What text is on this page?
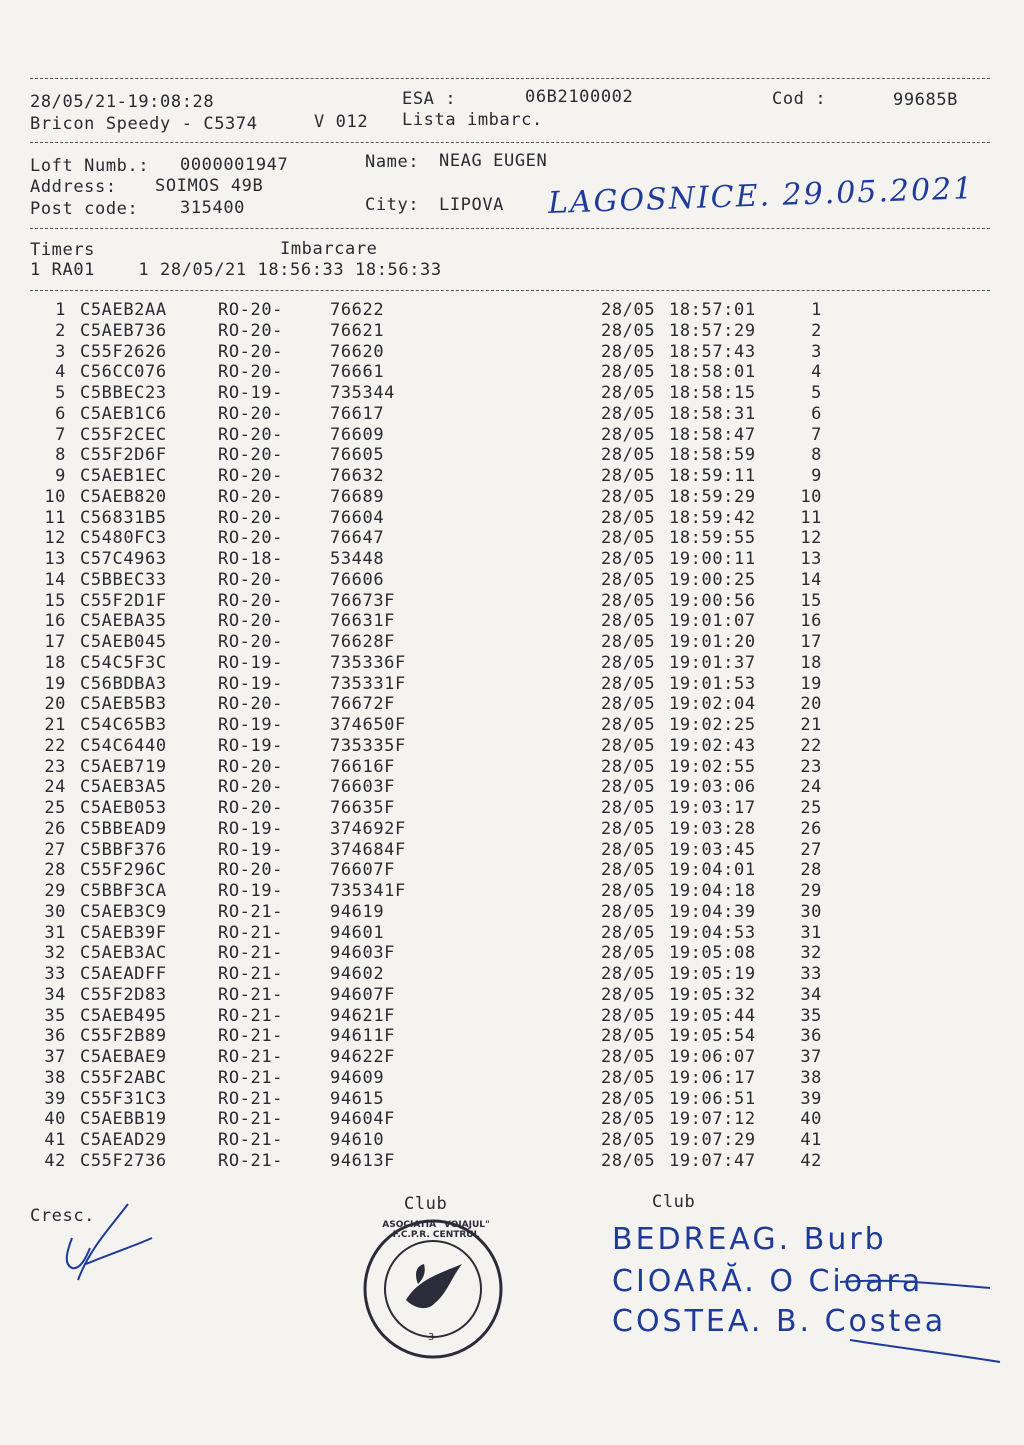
28/05/21-19:08:28	ESA :	06B2100002	Cod :	99685B
Bricon Speedy - C5374	V 012 Lista imbarc.
Loft Numb.: 0000001947	Name: NEAG EUGEN
Address: SOIMOS 49B
Post code: 315400	City: LIPOVA LAGOSNICE. 29.05.2021
Timers	Imbarcare
1 RA01    1 28/05/21 18:56:33 18:56:33
1 C5AEB2AA	RO-20-	76622	28/05 18:57:01	1
2 C5AEB736	RO-20-	76621	28/05 18:57:29	2
3 C55F2626	RO-20-	76620	28/05 18:57:43	3
4 C56CC076	RO-20-	76661	28/05 18:58:01	4
5 C5BBEC23	RO-19-	735344	28/05 18:58:15	5
6 C5AEB1C6	RO-20-	76617	28/05 18:58:31	6
7 C55F2CEC	RO-20-	76609	28/05 18:58:47	7
8 C55F2D6F	RO-20-	76605	28/05 18:58:59	8
9 C5AEB1EC	RO-20-	76632	28/05 18:59:11	9
10 C5AEB820	RO-20-	76689	28/05 18:59:29	10
11 C56831B5	RO-20-	76604	28/05 18:59:42	11
12 C5480FC3	RO-20-	76647	28/05 18:59:55	12
13 C57C4963	RO-18-	53448	28/05 19:00:11	13
14 C5BBEC33	RO-20-	76606	28/05 19:00:25	14
15 C55F2D1F	RO-20-	76673F	28/05 19:00:56	15
16 C5AEBA35	RO-20-	76631F	28/05 19:01:07	16
17 C5AEB045	RO-20-	76628F	28/05 19:01:20	17
18 C54C5F3C	RO-19-	735336F	28/05 19:01:37	18
19 C56BDBA3	RO-19-	735331F	28/05 19:01:53	19
20 C5AEB5B3	RO-20-	76672F	28/05 19:02:04	20
21 C54C65B3	RO-19-	374650F	28/05 19:02:25	21
22 C54C6440	RO-19-	735335F	28/05 19:02:43	22
23 C5AEB719	RO-20-	76616F	28/05 19:02:55	23
24 C5AEB3A5	RO-20-	76603F	28/05 19:03:06	24
25 C5AEB053	RO-20-	76635F	28/05 19:03:17	25
26 C5BBEAD9	RO-19-	374692F	28/05 19:03:28	26
27 C5BBF376	RO-19-	374684F	28/05 19:03:45	27
28 C55F296C	RO-20-	76607F	28/05 19:04:01	28
29 C5BBF3CA	RO-19-	735341F	28/05 19:04:18	29
30 C5AEB3C9	RO-21-	94619	28/05 19:04:39	30
31 C5AEB39F	RO-21-	94601	28/05 19:04:53	31
32 C5AEB3AC	RO-21-	94603F	28/05 19:05:08	32
33 C5AEADFF	RO-21-	94602	28/05 19:05:19	33
34 C55F2D83	RO-21-	94607F	28/05 19:05:32	34
35 C5AEB495	RO-21-	94621F	28/05 19:05:44	35
36 C55F2B89	RO-21-	94611F	28/05 19:05:54	36
37 C5AEBAE9	RO-21-	94622F	28/05 19:06:07	37
38 C55F2ABC	RO-21-	94609	28/05 19:06:17	38
39 C55F31C3	RO-21-	94615	28/05 19:06:51	39
40 C5AEBB19	RO-21-	94604F	28/05 19:07:12	40
41 C5AEAD29	RO-21-	94610	28/05 19:07:29	41
42 C55F2736	RO-21-	94613F	28/05 19:07:47	42
Cresc.
Club	Club
ASOCIATIA "VOIAJUL" F.C.P.R. CENTRUL
3
BEDREAG. Burb
CIOARĂ. O Cioara
COSTEA. B. Costea
